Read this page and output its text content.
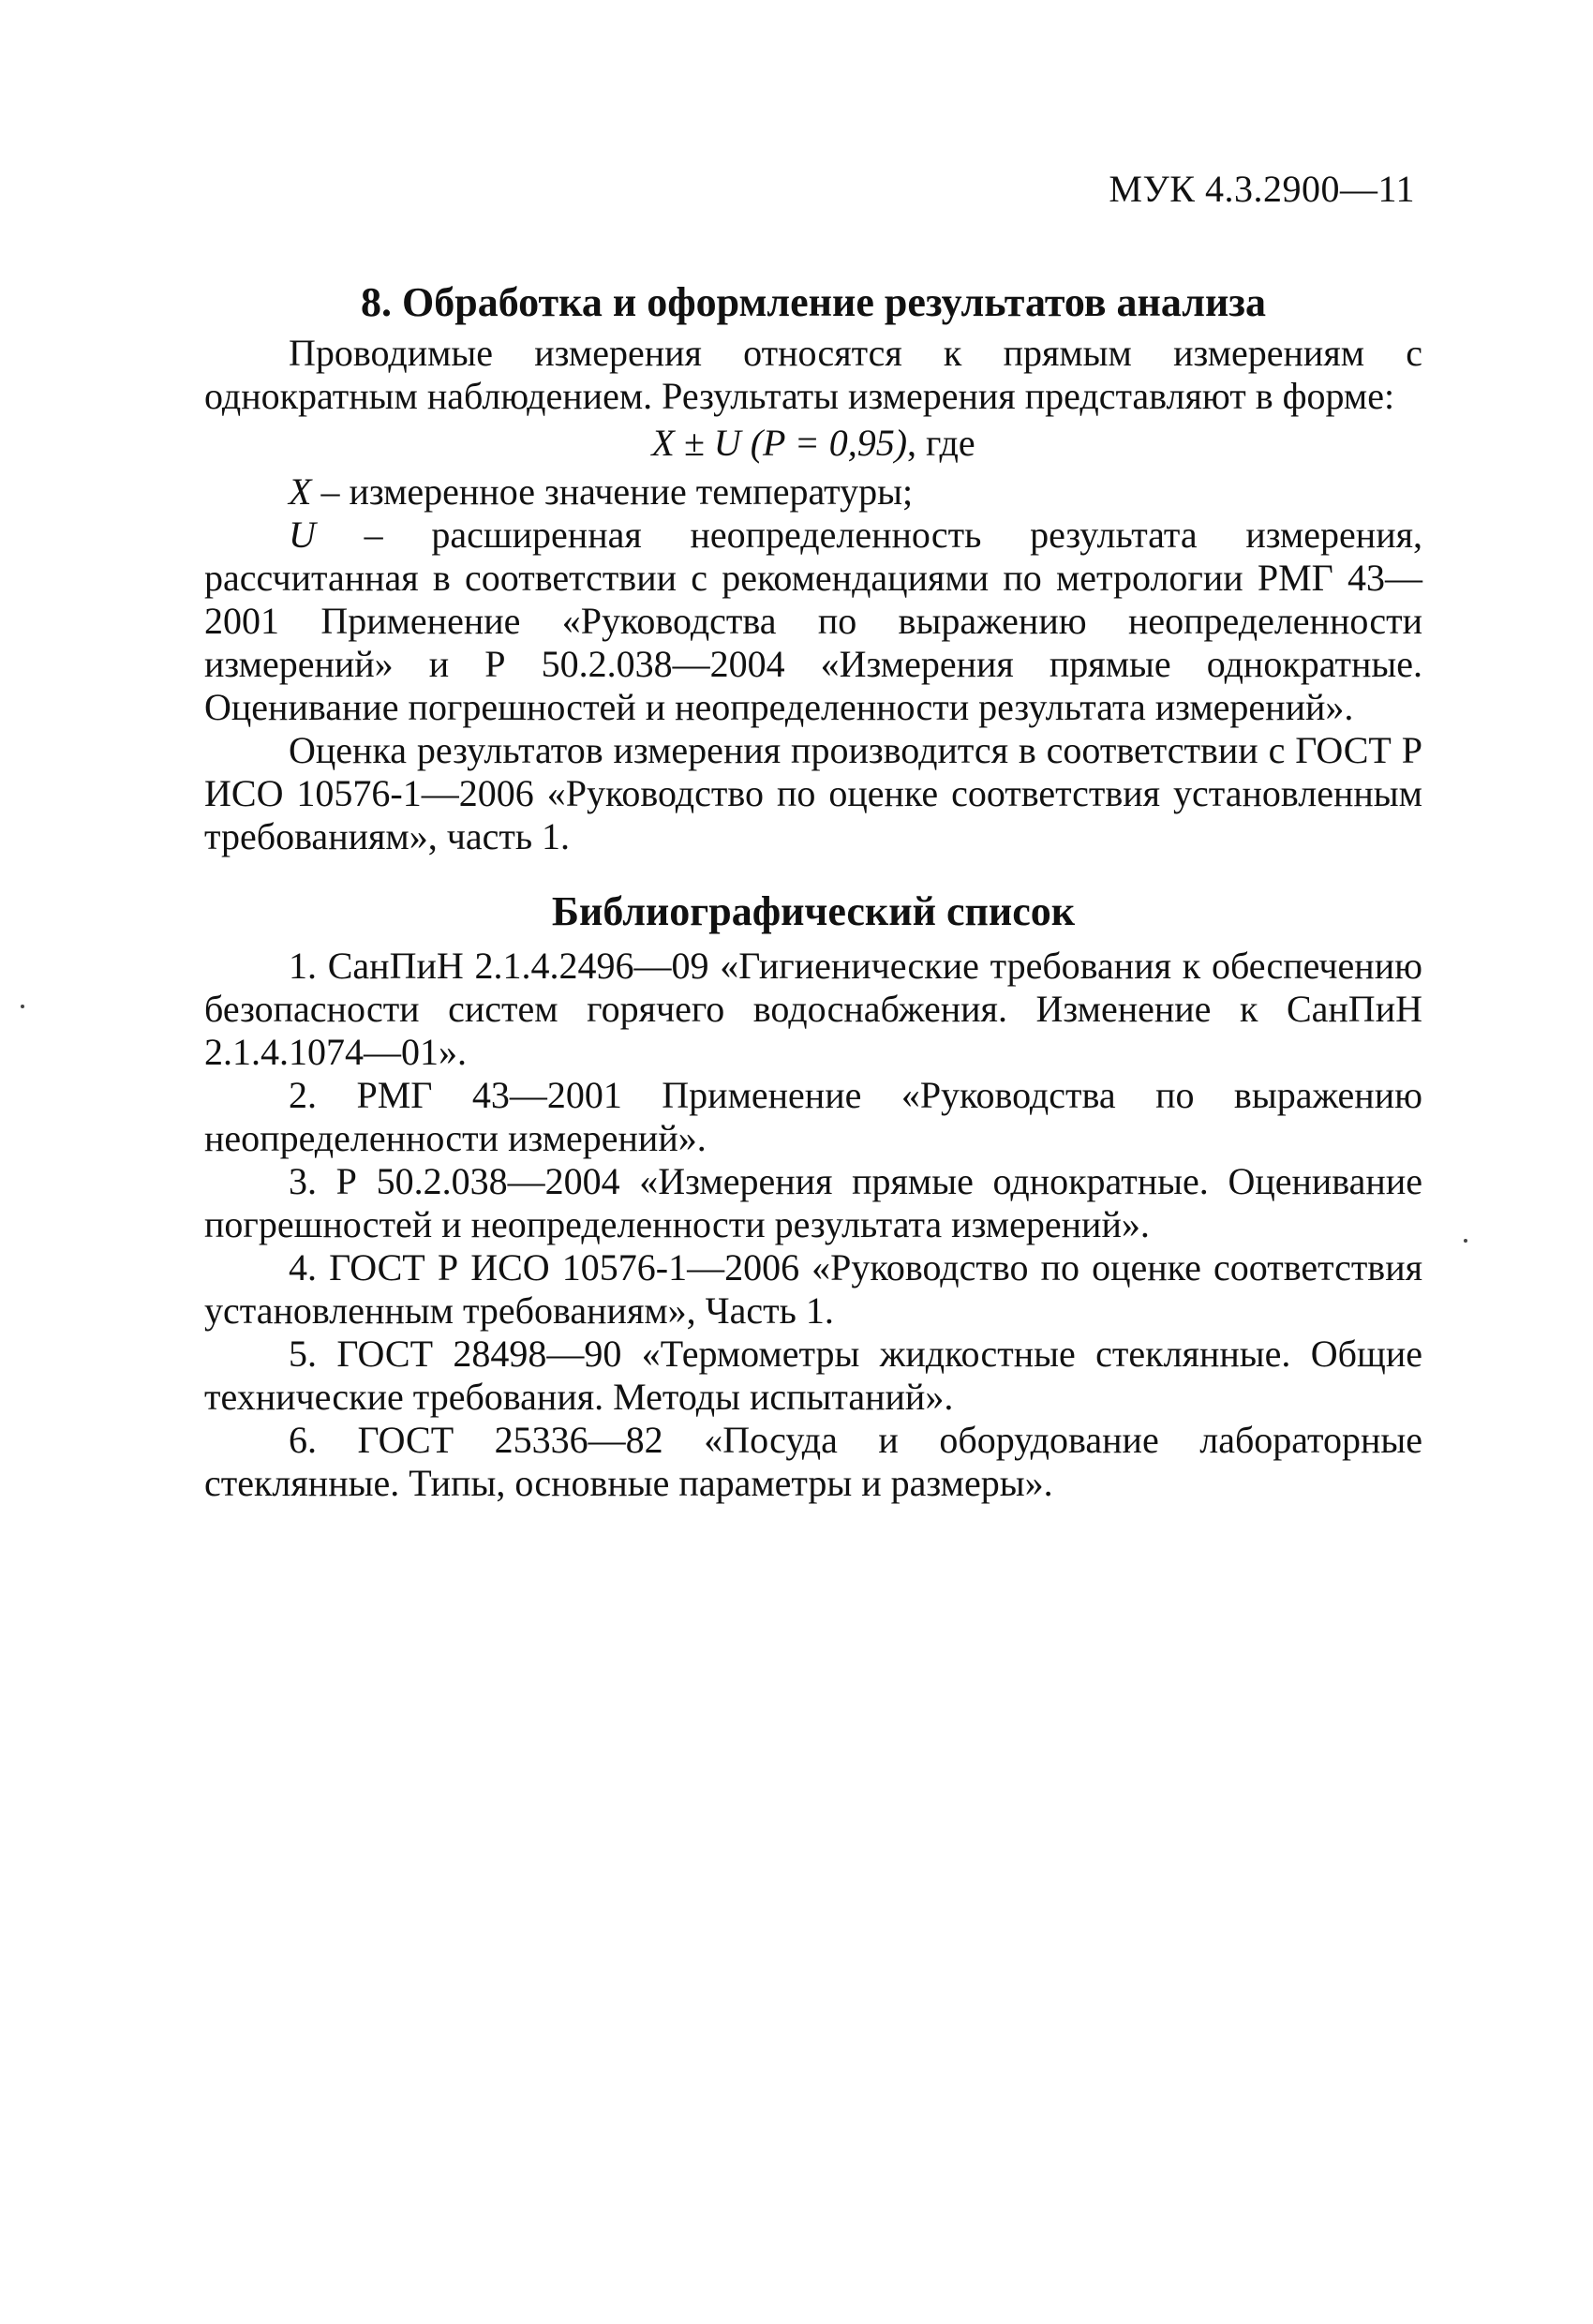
МУК 4.3.2900—11
8. Обработка и оформление результатов анализа

Проводимые измерения относятся к прямым измерениям с однократным наблюдением. Результаты измерения представляют в форме:

X ± U (P = 0,95), где

X – измеренное значение температуры;

U – расширенная неопределенность результата измерения, рассчитанная в соответствии с рекомендациями по метрологии РМГ 43—2001 Применение «Руководства по выражению неопределенности измерений» и Р 50.2.038—2004 «Измерения прямые однократные. Оценивание погрешностей и неопределенности результата измерений».

Оценка результатов измерения производится в соответствии с ГОСТ Р ИСО 10576-1—2006 «Руководство по оценке соответствия установленным требованиям», часть 1.

Библиографический список

1. СанПиН 2.1.4.2496—09 «Гигиенические требования к обеспечению безопасности систем горячего водоснабжения. Изменение к СанПиН 2.1.4.1074—01».

2. РМГ 43—2001 Применение «Руководства по выражению неопределенности измерений».

3. Р 50.2.038—2004 «Измерения прямые однократные. Оценивание погрешностей и неопределенности результата измерений».

4. ГОСТ Р ИСО 10576-1—2006 «Руководство по оценке соответствия установленным требованиям», Часть 1.

5. ГОСТ 28498—90 «Термометры жидкостные стеклянные. Общие технические требования. Методы испытаний».

6. ГОСТ 25336—82 «Посуда и оборудование лабораторные стеклянные. Типы, основные параметры и размеры».
